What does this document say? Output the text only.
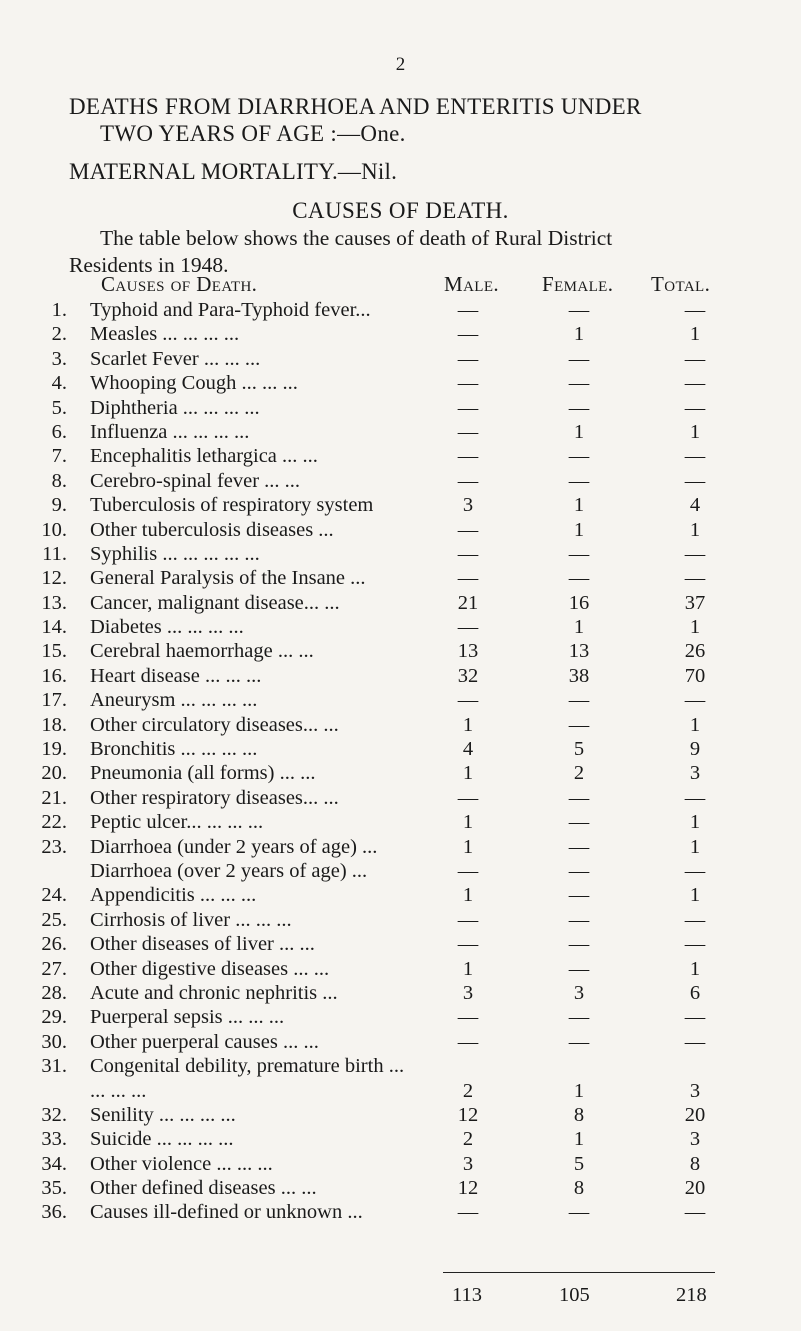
2
DEATHS FROM DIARRHOEA AND ENTERITIS UNDER
TWO YEARS OF AGE :—One.
MATERNAL MORTALITY.—Nil.
CAUSES OF DEATH.
The table below shows the causes of death of Rural District
Residents in 1948.
Causes of Death.	Male. Female. Total.
1. Typhoid and Para-Typhoid fever...	—	—	—
2. Measles ... ... ... ...	—	1	1
3. Scarlet Fever ... ... ...	—	—	—
4. Whooping Cough ... ... ...	—	—	—
5. Diphtheria ... ... ... ...	—	—	—
6. Influenza ... ... ... ...	—	1	1
7. Encephalitis lethargica ... ...	—	—	—
8. Cerebro-spinal fever ... ...	—	—	—
9. Tuberculosis of respiratory system	3	1	4
10. Other tuberculosis diseases ...	—	1	1
11. Syphilis ... ... ... ... ...	—	—	—
12. General Paralysis of the Insane ...	—	—	—
13. Cancer, malignant disease... ...	21	16	37
14. Diabetes ... ... ... ...	—	1	1
15. Cerebral haemorrhage ... ...	13	13	26
16. Heart disease ... ... ...	32	38	70
17. Aneurysm ... ... ... ...	—	—	—
18. Other circulatory diseases... ...	1	—	1
19. Bronchitis ... ... ... ...	4	5	9
20. Pneumonia (all forms) ... ...	1	2	3
21. Other respiratory diseases... ...	—	—	—
22. Peptic ulcer... ... ... ...	1	—	1
23. Diarrhoea (under 2 years of age) ...	1	—	1
Diarrhoea (over 2 years of age) ...	—	—	—
24. Appendicitis ... ... ...	1	—	1
25. Cirrhosis of liver ... ... ...	—	—	—
26. Other diseases of liver ... ...	—	—	—
27. Other digestive diseases ... ...	1	—	1
28. Acute and chronic nephritis ...	3	3	6
29. Puerperal sepsis ... ... ...	—	—	—
30. Other puerperal causes ... ...	—	—	—
31. Congenital debility, premature birth ... ... ... ...	2	1	3
32. Senility ... ... ... ...	12	8	20
33. Suicide ... ... ... ...	2	1	3
34. Other violence ... ... ...	3	5	8
35. Other defined diseases ... ...	12	8	20
36. Causes ill-defined or unknown ...	—	—	—
113	105	218
